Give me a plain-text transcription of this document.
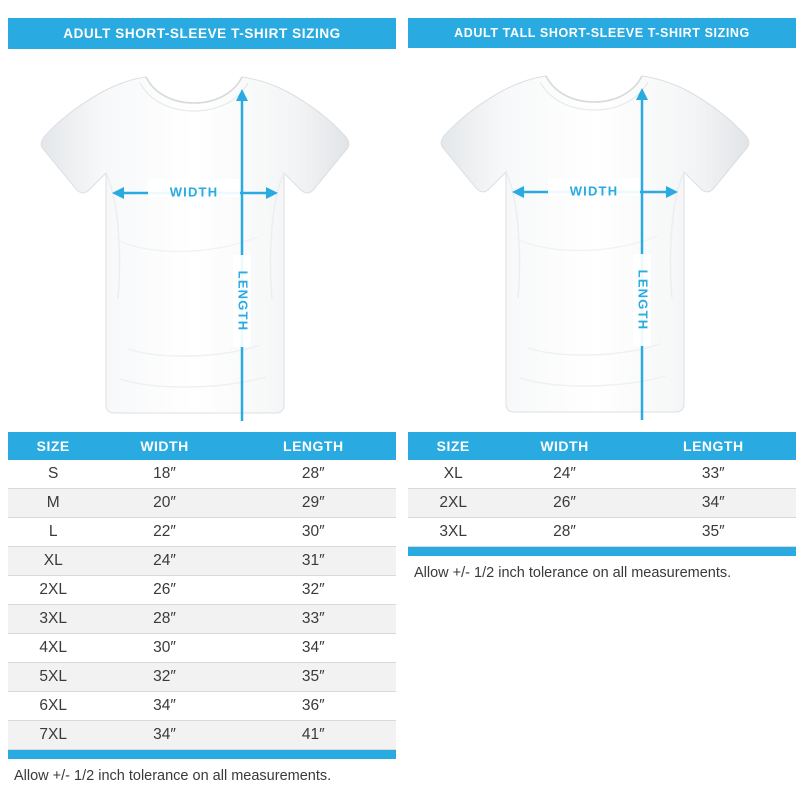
ADULT SHORT-SLEEVE T-SHIRT SIZING
WIDTH
LENGTH
SIZE	WIDTH	LENGTH
S	18″	28″
M	20″	29″
L	22″	30″
XL	24″	31″
2XL	26″	32″
3XL	28″	33″
4XL	30″	34″
5XL	32″	35″
6XL	34″	36″
7XL	34″	41″
Allow +/- 1/2 inch tolerance on all measurements.
ADULT TALL SHORT-SLEEVE T-SHIRT SIZING
WIDTH
LENGTH
SIZE	WIDTH	LENGTH
XL	24″	33″
2XL	26″	34″
3XL	28″	35″
Allow +/- 1/2 inch tolerance on all measurements.
